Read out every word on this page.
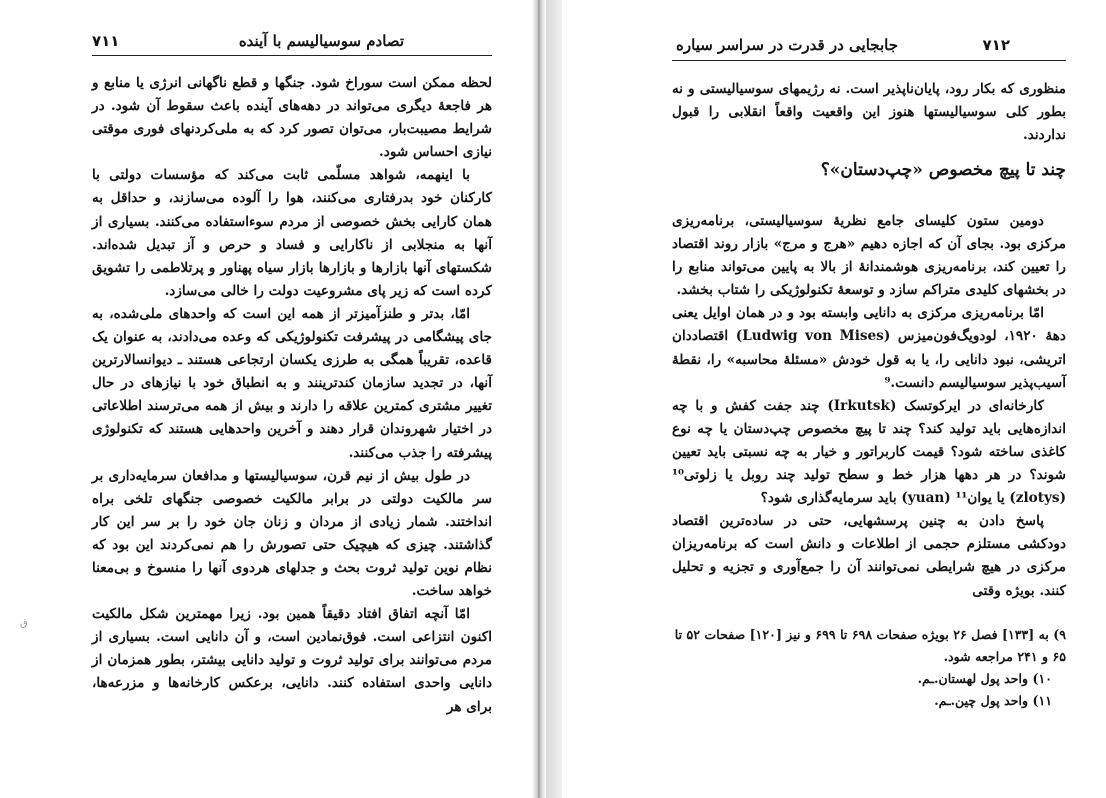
۷۱۱	تصادم سوسیالیسم با آینده

لحظه ممکن است سوراخ شود. جنگها و قطع ناگهانی انرژی یا منابع و هر فاجعهٔ دیگری می‌تواند در دهه‌های آینده باعث سقوط آن شود. در شرایط مصیبت‌بار، می‌توان تصور کرد که به ملی‌کردنهای فوری موقتی نیازی احساس شود.

با اینهمه، شواهد مسلّمی ثابت می‌کند که مؤسسات دولتی با کارکنان خود بدرفتاری می‌کنند، هوا را آلوده می‌سازند، و حداقل به همان کارایی بخش خصوصی از مردم سوءاستفاده می‌کنند. بسیاری از آنها به منجلابی از ناکارایی و فساد و حرص و آز تبدیل شده‌اند. شکستهای آنها بازارها و بازارها بازار سیاه پهناور و پرتلاطمی را تشویق کرده است که زیر پای مشروعیت دولت را خالی می‌سازد.

امّا، بدتر و طنزآمیزتر از همه این است که واحدهای ملی‌شده، به جای پیشگامی در پیشرفت تکنولوژیکی که وعده می‌دادند، به عنوان یک قاعده، تقریباً همگی به طرزی یکسان ارتجاعی هستند ـ دیوانسالارترین آنها، در تجدید سازمان کندترینند و به انطباق خود با نیازهای در حال تغییر مشتری کمترین علاقه را دارند و بیش از همه می‌ترسند اطلاعاتی در اختیار شهروندان قرار دهند و آخرین واحدهایی هستند که تکنولوژی پیشرفته را جذب می‌کنند.

در طول بیش از نیم قرن، سوسیالیستها و مدافعان سرمایه‌داری بر سر مالکیت دولتی در برابر مالکیت خصوصی جنگهای تلخی براه انداختند. شمار زیادی از مردان و زنان جان خود را بر سر این کار گذاشتند. چیزی که هیچیک حتی تصورش را هم نمی‌کردند این بود که نظام نوین تولید ثروت بحث و جدلهای هردوی آنها را منسوخ و بی‌معنا خواهد ساخت.

امّا آنچه اتفاق افتاد دقیقاً همین بود. زیرا مهمترین شکل مالکیت اکنون انتزاعی است. فوق‌نمادین است، و آن دانایی است. بسیاری از مردم می‌توانند برای تولید ثروت و تولید دانایی بیشتر، بطور همزمان از دانایی واحدی استفاده کنند. دانایی، برعکس کارخانه‌ها و مزرعه‌ها، برای هر

ق
۷۱۲
جابجایی در قدرت در سراسر سیاره

منظوری که بکار رود، پایان‌ناپذیر است. نه رژیمهای سوسیالیستی و نه بطور کلی سوسیالیستها هنوز این واقعیت واقعاً انقلابی را قبول نداردند.

چند تا پیچ مخصوص «چپ‌دستان»؟

دومین ستون کلیسای جامع نظریهٔ سوسیالیستی، برنامه‌ریزی مرکزی بود. بجای آن که اجازه دهیم «هرج و مرج» بازار روند اقتصاد را تعیین کند، برنامه‌ریزی هوشمندانهٔ از بالا به پایین می‌تواند منابع را در بخشهای کلیدی متراکم سازد و توسعهٔ تکنولوژیکی را شتاب بخشد.

امّا برنامه‌ریزی مرکزی به دانایی وابسته بود و در همان اوایل یعنی دههٔ ۱۹۲۰، لودویگ‌فون‌میزس (Ludwig von Mises) اقتصاددان اتریشی، نبود دانایی را، یا به قول خودش «مسئلهٔ محاسبه» را، نقطهٔ آسیب‌پذیر سوسیالیسم دانست.⁹

کارخانه‌ای در ایرکوتسک (Irkutsk) چند جفت کفش و با چه اندازه‌هایی باید تولید کند؟ چند تا پیچ مخصوص چپ‌دستان یا چه نوع کاغذی ساخته شود؟ قیمت کاربراتور و خیار به چه نسبتی باید تعیین شوند؟ در هر دهها هزار خط و سطح تولید چند روبل یا زلوتی¹⁰ (zlotys) یا یوان¹¹ (yuan) باید سرمایه‌گذاری شود؟

پاسخ دادن به چنین پرسشهایی، حتی در ساده‌ترین اقتصاد دودکشی مستلزم حجمی از اطلاعات و دانش است که برنامه‌ریزان مرکزی در هیچ شرایطی نمی‌توانند آن را جمع‌آوری و تجزیه و تحلیل کنند. بویژه وقتی

۹) به [۱۳۳] فصل ۲۶ بویژه صفحات ۶۹۸ تا ۶۹۹ و نیز [۱۲۰] صفحات ۵۲ تا ۶۵ و ۲۴۱ مراجعه شود.

۱۰) واحد پول لهستان.ـم.

۱۱) واحد پول چین.ـم.
